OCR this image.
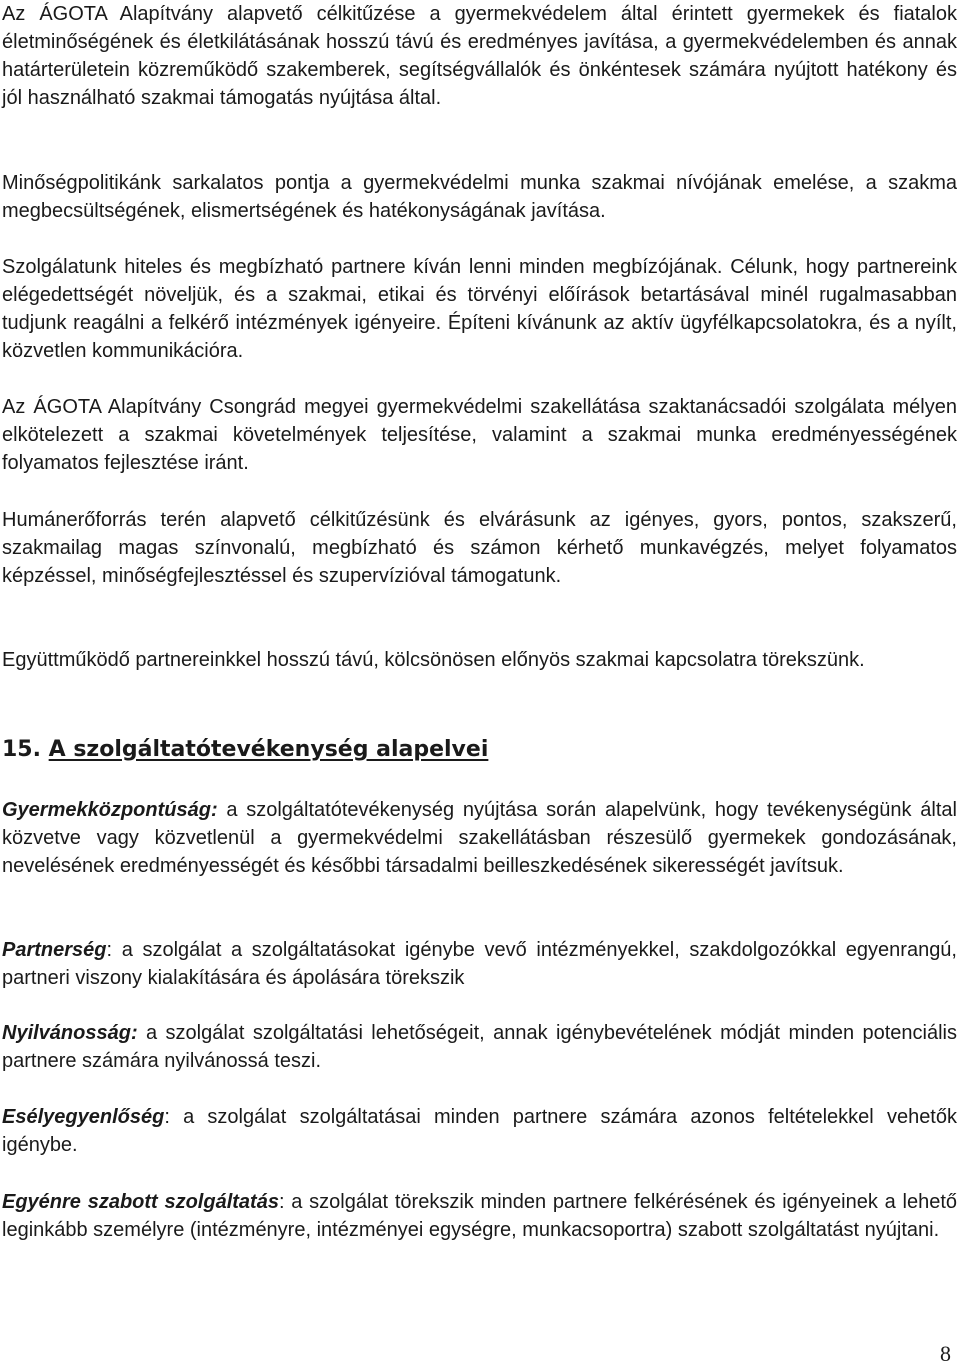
Az ÁGOTA Alapítvány alapvető célkitűzése a gyermekvédelem által érintett gyermekek és fiatalok életminőségének és életkilátásának hosszú távú és eredményes javítása, a gyermekvédelemben és annak határterületein közreműködő szakemberek, segítségvállalók és önkéntesek számára nyújtott hatékony és jól használható szakmai támogatás nyújtása által.

Minőségpolitikánk sarkalatos pontja a gyermekvédelmi munka szakmai nívójának emelése, a szakma megbecsültségének, elismertségének és hatékonyságának javítása.

Szolgálatunk hiteles és megbízható partnere kíván lenni minden megbízójának. Célunk, hogy partnereink elégedettségét növeljük, és a szakmai, etikai és törvényi előírások betartásával minél rugalmasabban tudjunk reagálni a felkérő intézmények igényeire. Építeni kívánunk az aktív ügyfélkapcsolatokra, és a nyílt, közvetlen kommunikációra.

Az ÁGOTA Alapítvány Csongrád megyei gyermekvédelmi szakellátása szaktanácsadói szolgálata mélyen elkötelezett a szakmai követelmények teljesítése, valamint a szakmai munka eredményességének folyamatos fejlesztése iránt.

Humánerőforrás terén alapvető célkitűzésünk és elvárásunk az igényes, gyors, pontos, szakszerű, szakmailag magas színvonalú, megbízható és számon kérhető munkavégzés, melyet folyamatos képzéssel, minőségfejlesztéssel és szupervízióval támogatunk.

Együttműködő partnereinkkel hosszú távú, kölcsönösen előnyös szakmai kapcsolatra törekszünk.

15. A szolgáltatótevékenység alapelvei

Gyermekközpontúság: a szolgáltatótevékenység nyújtása során alapelvünk, hogy tevékenységünk által közvetve vagy közvetlenül a gyermekvédelmi szakellátásban részesülő gyermekek gondozásának, nevelésének eredményességét és későbbi társadalmi beilleszkedésének sikerességét javítsuk.

Partnerség: a szolgálat a szolgáltatásokat igénybe vevő intézményekkel, szakdolgozókkal egyenrangú, partneri viszony kialakítására és ápolására törekszik

Nyilvánosság: a szolgálat szolgáltatási lehetőségeit, annak igénybevételének módját minden potenciális partnere számára nyilvánossá teszi.

Esélyegyenlőség: a szolgálat szolgáltatásai minden partnere számára azonos feltételekkel vehetők igénybe.

Egyénre szabott szolgáltatás: a szolgálat törekszik minden partnere felkérésének és igényeinek a lehető leginkább személyre (intézményre, intézményei egységre, munkacsoportra) szabott szolgáltatást nyújtani.

8
